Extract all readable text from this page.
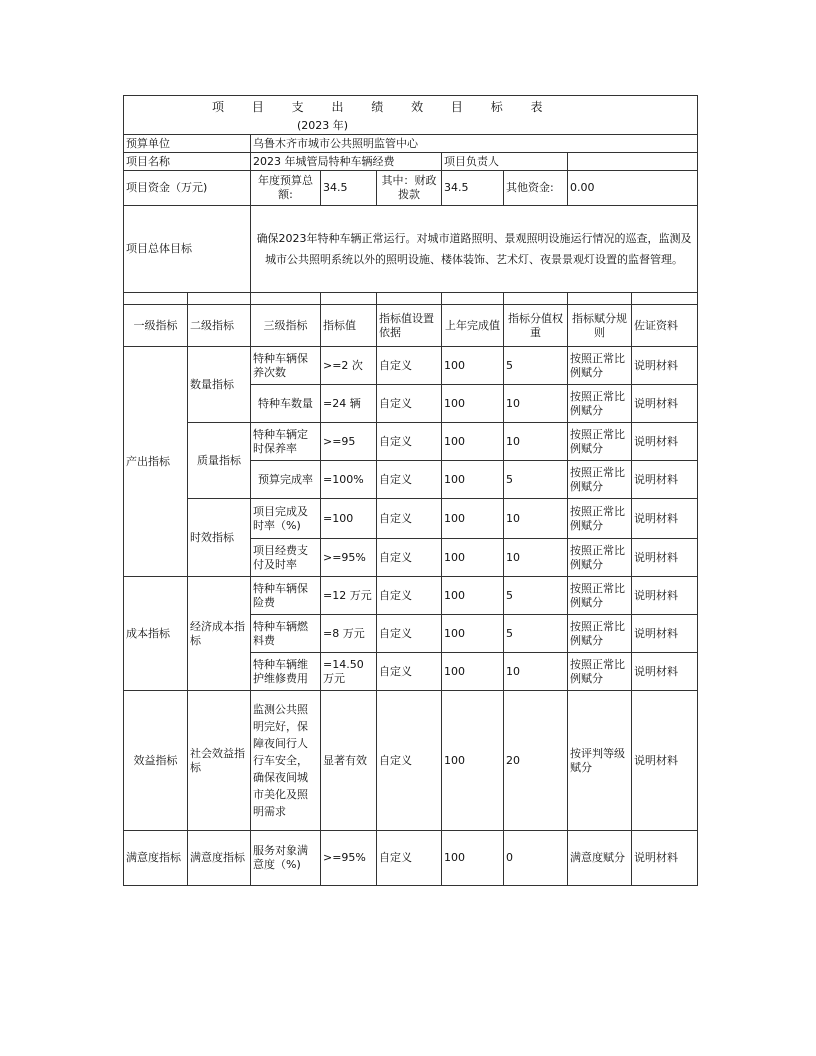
项 目 支 出 绩 效 目 标 表								
(2023 年)								
预算单位		乌鲁木齐市城市公共照明监管中心						
项目名称		2023 年城管局特种车辆经费			项目负责人			
项目资金（万元)		年度预算总额:	34.5	其中：财政拨款	34.5	其他资金:	0.00	
项目总体目标		确保2023年特种车辆正常运行。对城市道路照明、景观照明设施运行情况的巡查，监测及城市公共照明系统以外的照明设施、楼体装饰、艺术灯、夜景景观灯设置的监督管理。						

一级指标	二级指标	三级指标	指标值	指标值设置依据	上年完成值	指标分值权重	指标赋分规则	佐证资料
产出指标	数量指标	特种车辆保养次数	>=2 次	自定义	100	5	按照正常比例赋分	说明材料
		特种车数量	=24 辆	自定义	100	10	按照正常比例赋分	说明材料
	质量指标	特种车辆定时保养率	>=95	自定义	100	10	按照正常比例赋分	说明材料
		预算完成率	=100%	自定义	100	5	按照正常比例赋分	说明材料
	时效指标	项目完成及时率（%)	=100	自定义	100	10	按照正常比例赋分	说明材料
		项目经费支付及时率	>=95%	自定义	100	10	按照正常比例赋分	说明材料
成本指标	经济成本指标	特种车辆保险费	=12 万元	自定义	100	5	按照正常比例赋分	说明材料
		特种车辆燃料费	=8 万元	自定义	100	5	按照正常比例赋分	说明材料
		特种车辆维护维修费用	=14.50 万元	自定义	100	10	按照正常比例赋分	说明材料
效益指标	社会效益指标	监测公共照明完好，保障夜间行人行车安全，确保夜间城市美化及照明需求	显著有效	自定义	100	20	按评判等级赋分	说明材料
满意度指标	满意度指标	服务对象满意度（%)	>=95%	自定义	100	0	满意度赋分	说明材料
